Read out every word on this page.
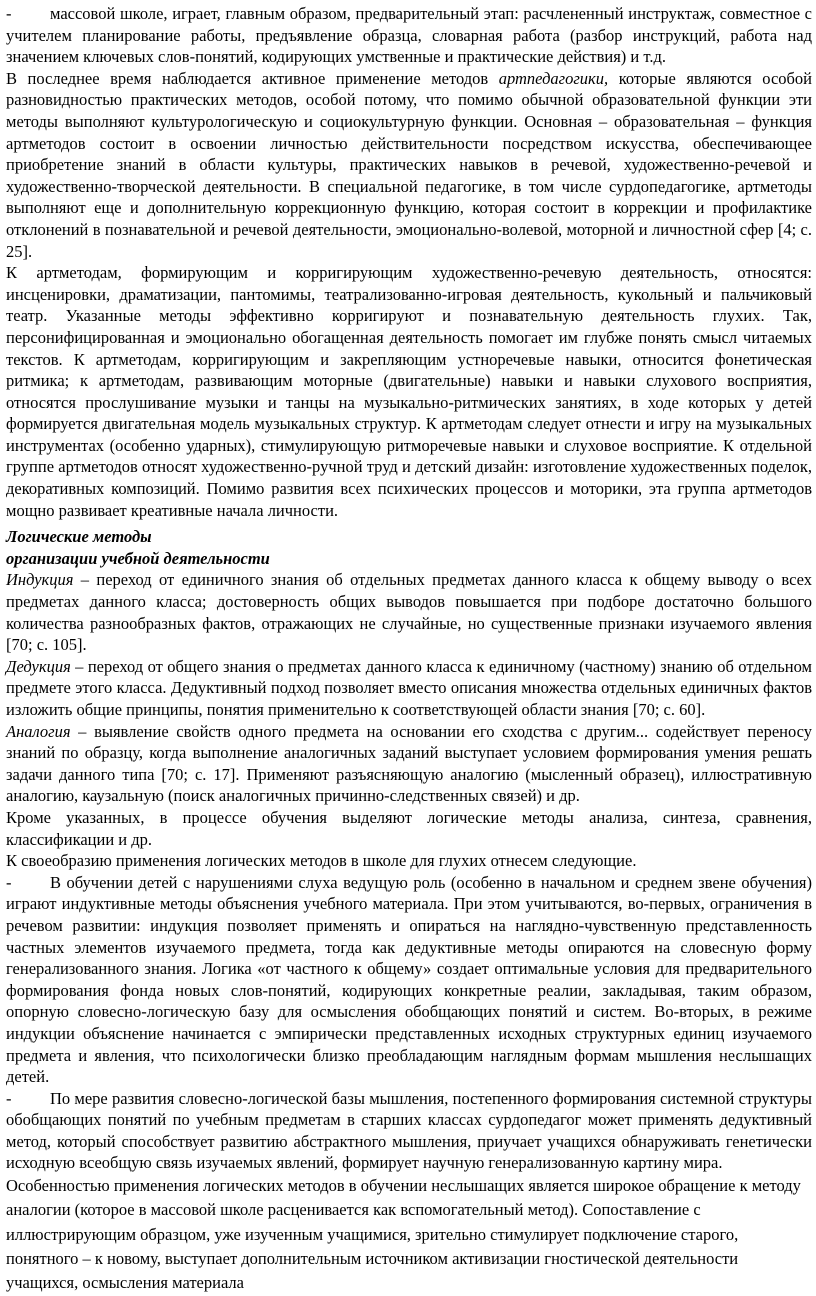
- массовой школе, играет, главным образом, предварительный этап: расчлененный инструктаж, совместное с учителем планирование работы, предъявление образца, словарная работа (разбор инструкций, работа над значением ключевых слов-понятий, кодирующих умственные и практические действия) и т.д.

В последнее время наблюдается активное применение методов артпедагогики, которые являются особой разновидностью практических методов, особой потому, что помимо обычной образовательной функции эти методы выполняют культурологическую и социокультурную функции. Основная – образовательная – функция артметодов состоит в освоении личностью действительности посредством искусства, обеспечивающее приобретение знаний в области культуры, практических навыков в речевой, художественно-речевой и художественно-творческой деятельности. В специальной педагогике, в том числе сурдопедагогике, артметоды выполняют еще и дополнительную коррекционную функцию, которая состоит в коррекции и профилактике отклонений в познавательной и речевой деятельности, эмоционально-волевой, моторной и личностной сфер [4; с. 25].

К артметодам, формирующим и корригирующим художественно-речевую деятельность, относятся: инсценировки, драматизации, пантомимы, театрализованно-игровая деятельность, кукольный и пальчиковый театр. Указанные методы эффективно корригируют и познавательную деятельность глухих. Так, персонифицированная и эмоционально обогащенная деятельность помогает им глубже понять смысл читаемых текстов. К артметодам, корригирующим и закрепляющим устноречевые навыки, относится фонетическая ритмика; к артметодам, развивающим моторные (двигательные) навыки и навыки слухового восприятия, относятся прослушивание музыки и танцы на музыкально-ритмических занятиях, в ходе которых у детей формируется двигательная модель музыкальных структур. К артметодам следует отнести и игру на музыкальных инструментах (особенно ударных), стимулирующую ритморечевые навыки и слуховое восприятие. К отдельной группе артметодов относят художественно-ручной труд и детский дизайн: изготовление художественных поделок, декоративных композиций. Помимо развития всех психических процессов и моторики, эта группа артметодов мощно развивает креативные начала личности.

Логические методы
организации учебной деятельности

Индукция – переход от единичного знания об отдельных предметах данного класса к общему выводу о всех предметах данного класса; достоверность общих выводов повышается при подборе достаточно большого количества разнообразных фактов, отражающих не случайные, но существенные признаки изучаемого явления [70; с. 105].

Дедукция – переход от общего знания о предметах данного класса к единичному (частному) знанию об отдельном предмете этого класса. Дедуктивный подход позволяет вместо описания множества отдельных единичных фактов изложить общие принципы, понятия применительно к соответствующей области знания [70; с. 60].

Аналогия – выявление свойств одного предмета на основании его сходства с другим... содействует переносу знаний по образцу, когда выполнение аналогичных заданий выступает условием формирования умения решать задачи данного типа [70; с. 17]. Применяют разъясняющую аналогию (мысленный образец), иллюстративную аналогию, каузальную (поиск аналогичных причинно-следственных связей) и др.

Кроме указанных, в процессе обучения выделяют логические методы анализа, синтеза, сравнения, классификации и др.

К своеобразию применения логических методов в школе для глухих отнесем следующие.

- В обучении детей с нарушениями слуха ведущую роль (особенно в начальном и среднем звене обучения) играют индуктивные методы объяснения учебного материала. При этом учитываются, во-первых, ограничения в речевом развитии: индукция позволяет применять и опираться на наглядно-чувственную представленность частных элементов изучаемого предмета, тогда как дедуктивные методы опираются на словесную форму генерализованного знания. Логика «от частного к общему» создает оптимальные условия для предварительного формирования фонда новых слов-понятий, кодирующих конкретные реалии, закладывая, таким образом, опорную словесно-логическую базу для осмысления обобщающих понятий и систем. Во-вторых, в режиме индукции объяснение начинается с эмпирически представленных исходных структурных единиц изучаемого предмета и явления, что психологически близко преобладающим наглядным формам мышления неслышащих детей.

- По мере развития словесно-логической базы мышления, постепенного формирования системной структуры обобщающих понятий по учебным предметам в старших классах сурдопедагог может применять дедуктивный метод, который способствует развитию абстрактного мышления, приучает учащихся обнаруживать генетически исходную всеобщую связь изучаемых явлений, формирует научную генерализованную картину мира.

Особенностью применения логических методов в обучении неслышащих является широкое обращение к методу аналогии (которое в массовой школе расценивается как вспомогательный метод). Сопоставление с иллюстрирующим образцом, уже изученным учащимися, зрительно стимулирует подключение старого, понятного – к новому, выступает дополнительным источником активизации гностической деятельности учащихся, осмысления материала
